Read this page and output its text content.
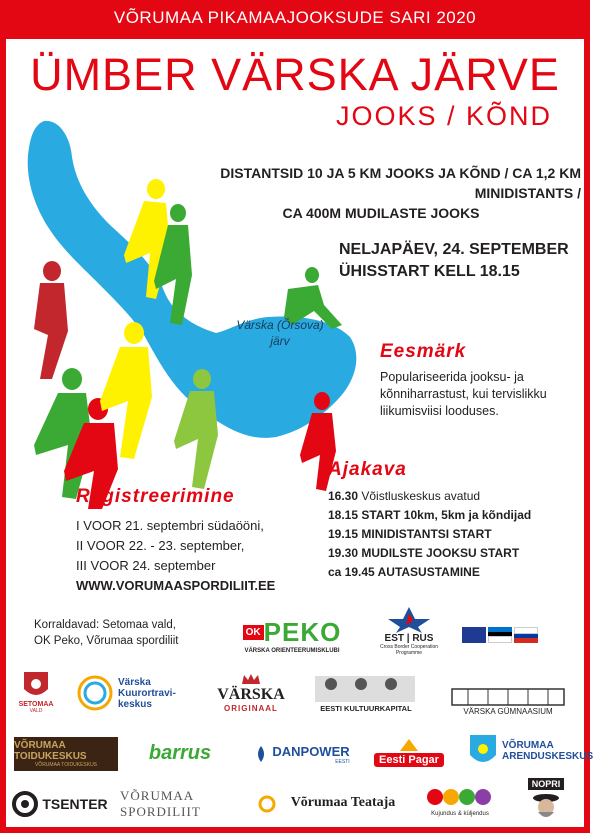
VÕRUMAA PIKAMAAJOOKSUDE SARI 2020
Värska (Õrsova)
järv
ÜMBER VÄRSKA JÄRVE
JOOKS / KÕND
DISTANTSID 10 JA 5 KM JOOKS JA KÕND / CA 1,2 KM MINIDISTANTS /
CA 400M MUDILASTE JOOKS
NELJAPÄEV, 24. SEPTEMBER
ÜHISSTART KELL 18.15
Eesmärk
Populariseerida jooksu- ja
kõnniharrastust, kui tervislikku
liikumisviisi looduses.
Registreerimine
I VOOR 21. septembri südaööni,
II VOOR 22. - 23. september,
III VOOR 24. september
WWW.VORUMAASPORDILIIT.EE
Ajakava
16.30 Võistluskeskus avatud
18.15 START 10km, 5km ja kõndijad
19.15 MINIDISTANTSI START
19.30 MUDILSTE JOOKSU START
ca 19.45 AUTASUSTAMINE
Korraldavad: Setomaa vald,
OK Peko, Võrumaa spordiliit
OK PEKO
VÄRSKA ORIENTEERUMISKLUBI
EST | RUS
Cross Border Cooperation Programme
SETOMAA
VALD
Värska Kuurortravi-keskus
VÄRSKA
ORIGINAAL	EESTI KULTUURKAPITAL	VÄRSKA GÜMNAASIUM
VÕRUMAA TOIDUKESKUS
VÕRUMAA TOIDUKESKUS
barrus	DANPOWER
EESTI	Eesti Pagar
VÕRUMAA ARENDUSKESKUS
TSENTER
VÕRUMAA SPORDILIIT
Võrumaa Teataja
Kujundus & küljendus
NOPRI
